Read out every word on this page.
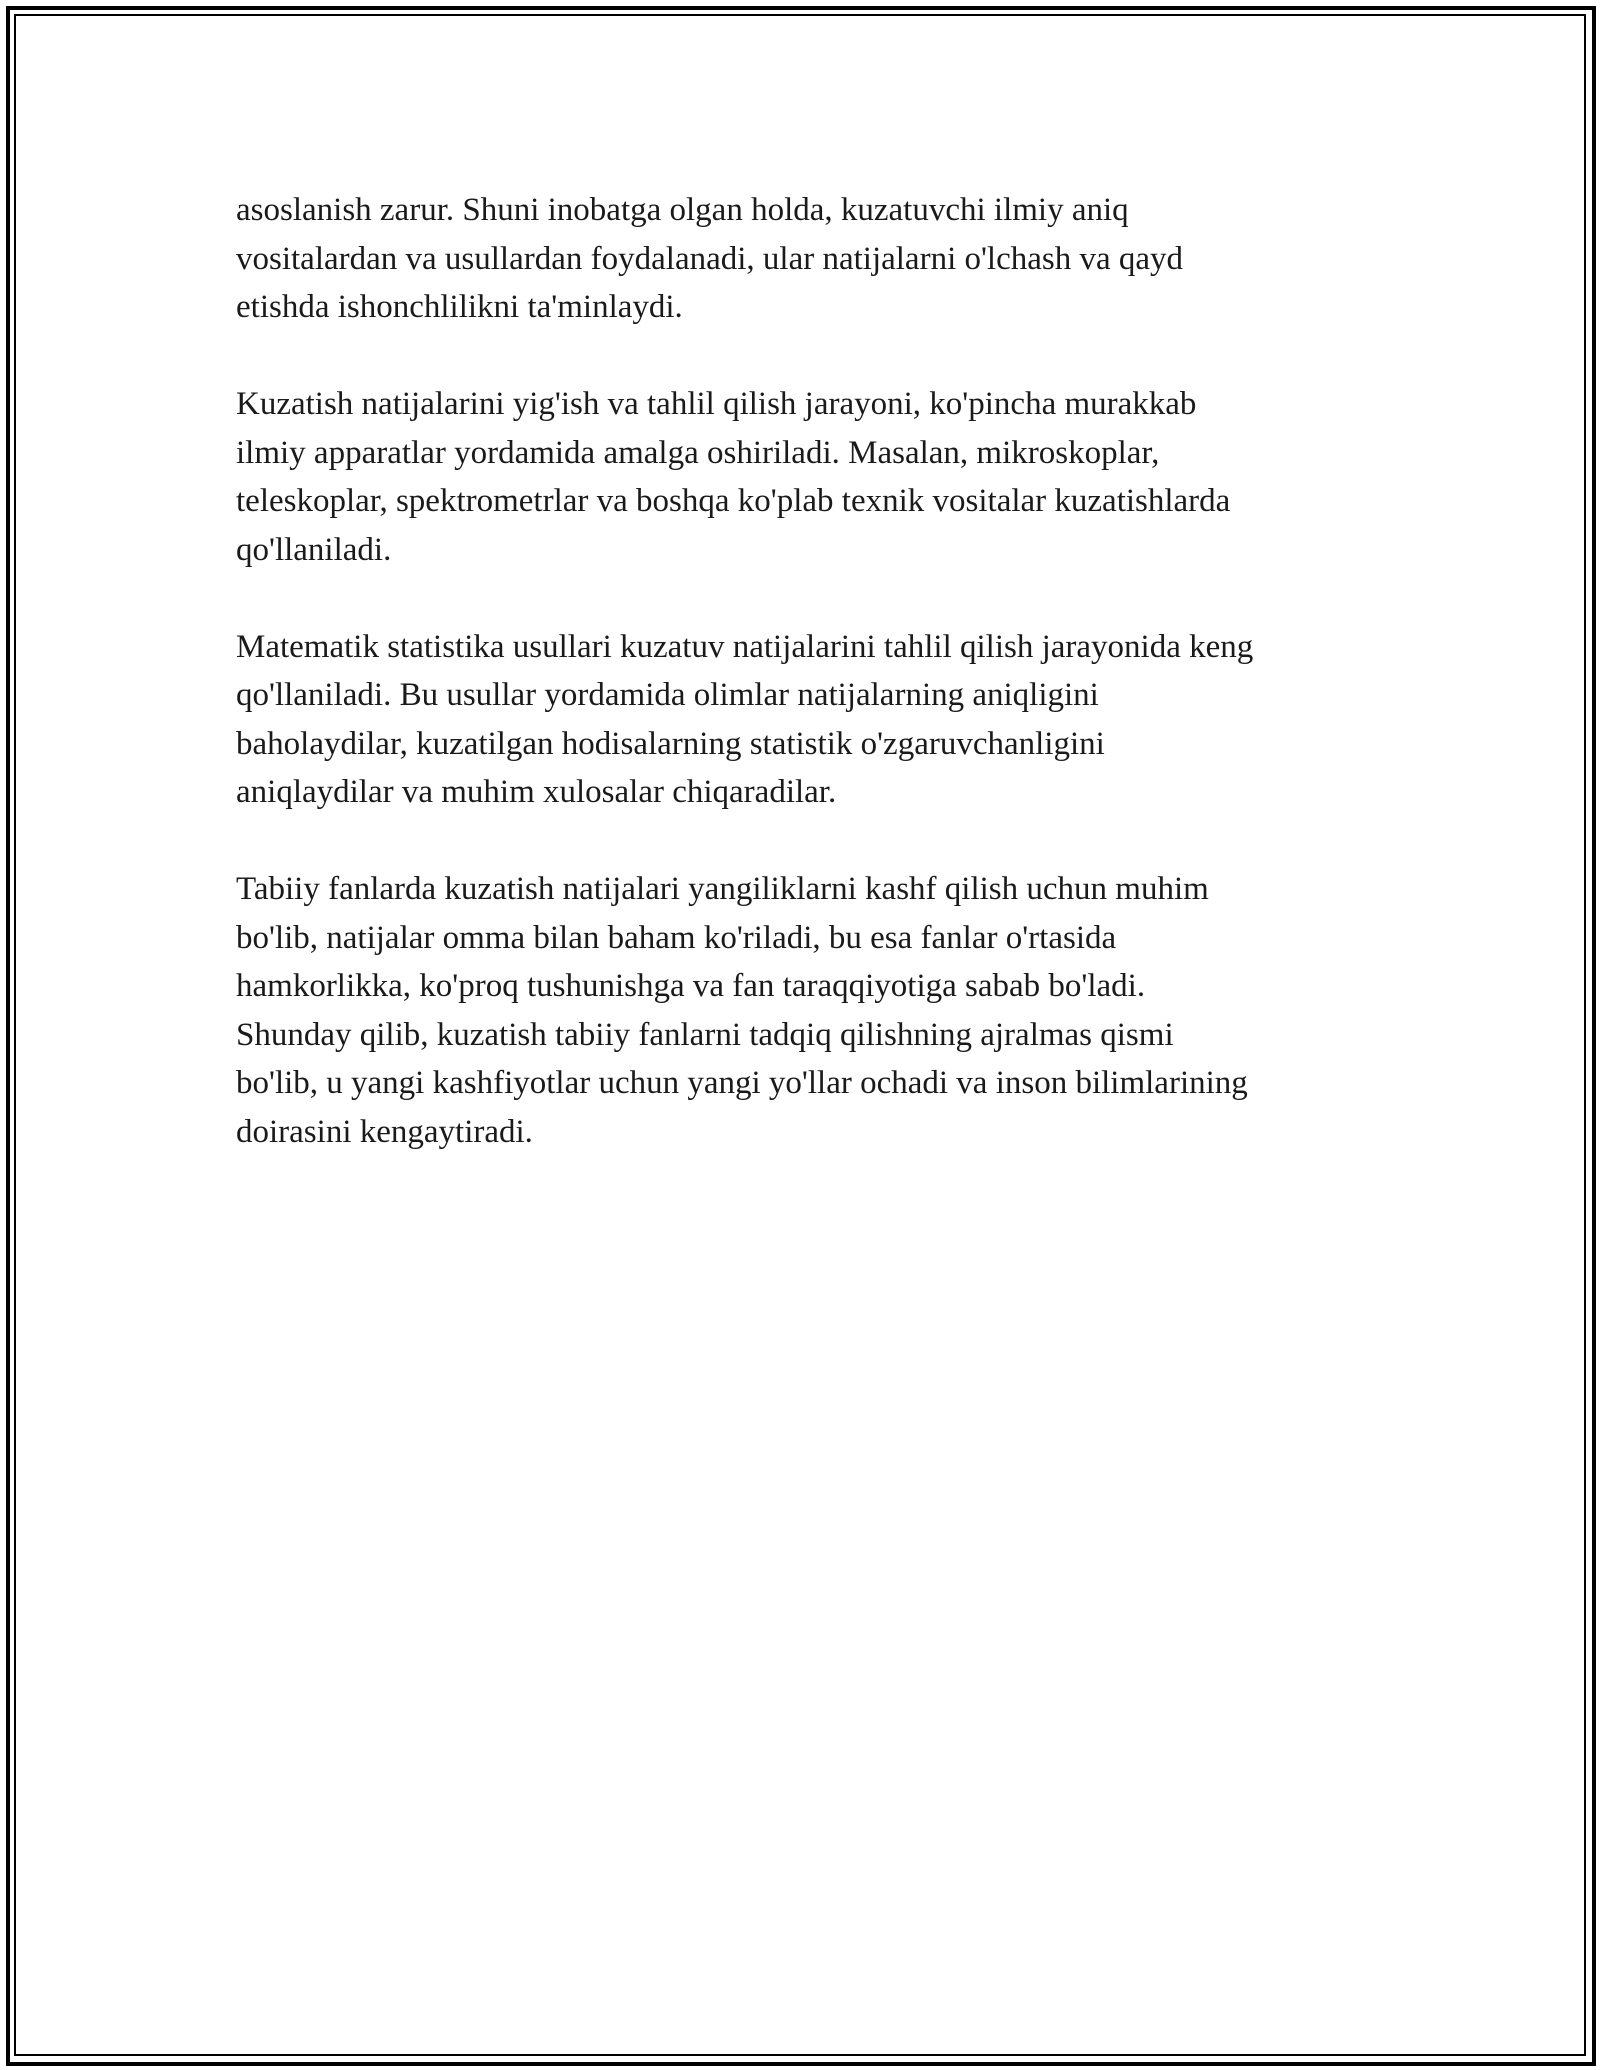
asoslanish zarur. Shuni inobatga olgan holda, kuzatuvchi ilmiy aniq
vositalardan va usullardan foydalanadi, ular natijalarni o'lchash va qayd
etishda ishonchlilikni ta'minlaydi.

Kuzatish natijalarini yig'ish va tahlil qilish jarayoni, ko'pincha murakkab
ilmiy apparatlar yordamida amalga oshiriladi. Masalan, mikroskoplar,
teleskoplar, spektrometrlar va boshqa ko'plab texnik vositalar kuzatishlarda
qo'llaniladi.

Matematik statistika usullari kuzatuv natijalarini tahlil qilish jarayonida keng
qo'llaniladi. Bu usullar yordamida olimlar natijalarning aniqligini
baholaydilar, kuzatilgan hodisalarning statistik o'zgaruvchanligini
aniqlaydilar va muhim xulosalar chiqaradilar.

Tabiiy fanlarda kuzatish natijalari yangiliklarni kashf qilish uchun muhim
bo'lib, natijalar omma bilan baham ko'riladi, bu esa fanlar o'rtasida
hamkorlikka, ko'proq tushunishga va fan taraqqiyotiga sabab bo'ladi.
Shunday qilib, kuzatish tabiiy fanlarni tadqiq qilishning ajralmas qismi
bo'lib, u yangi kashfiyotlar uchun yangi yo'llar ochadi va inson bilimlarining
doirasini kengaytiradi.
